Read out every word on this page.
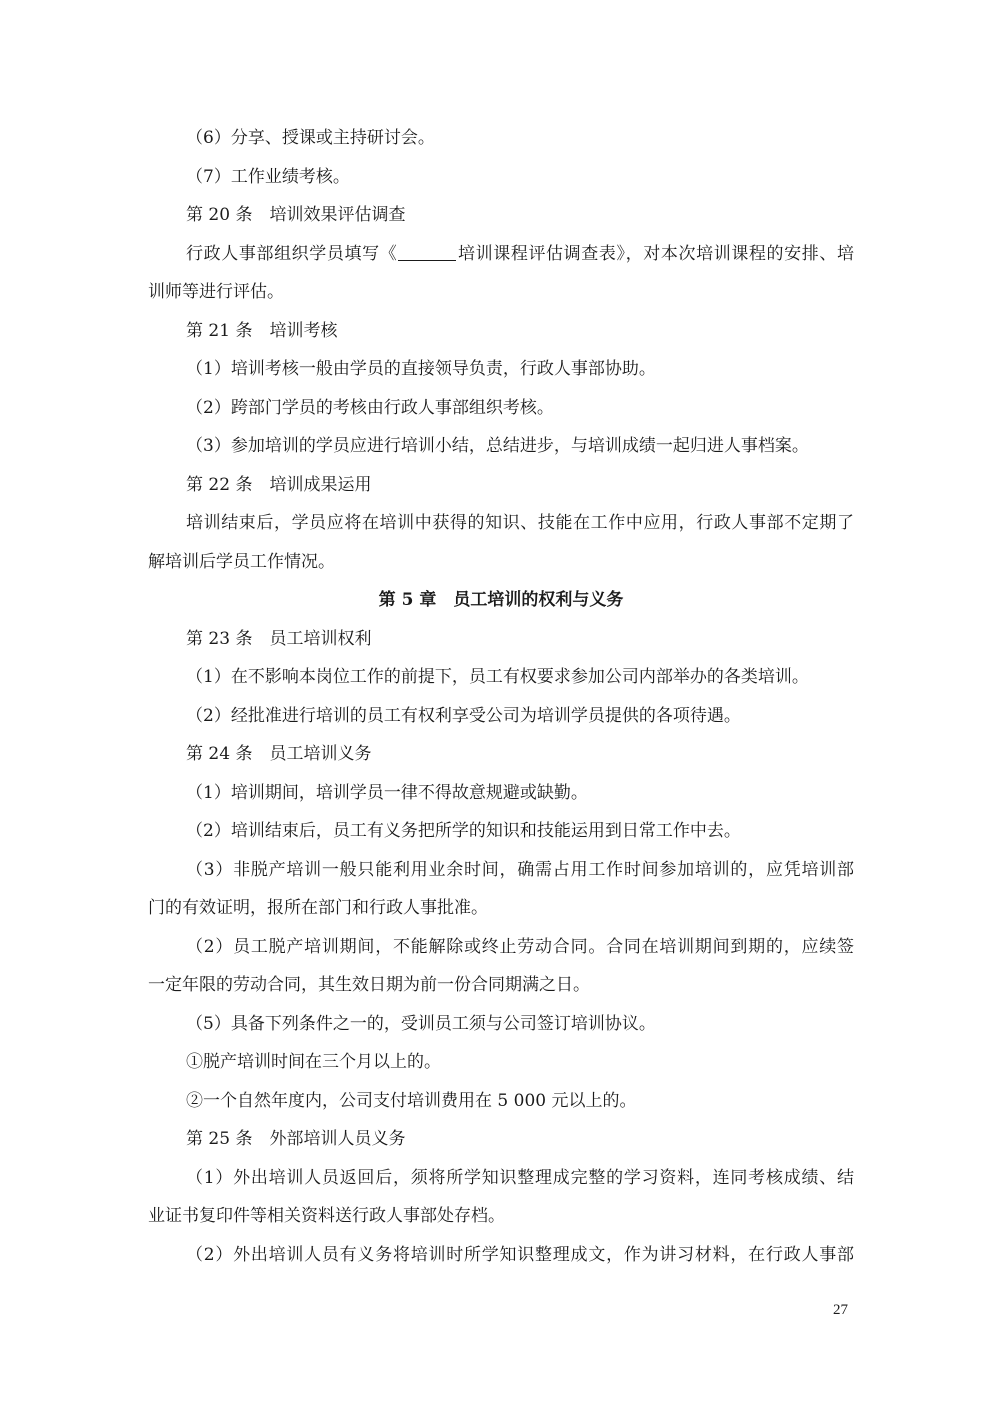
（6）分享、授课或主持研讨会。
（7）工作业绩考核。
第 20 条　培训效果评估调查
行政人事部组织学员填写《	培训课程评估调查表》，对本次培训课程的安排、培
训师等进行评估。
第 21 条　培训考核
（1）培训考核一般由学员的直接领导负责，行政人事部协助。
（2）跨部门学员的考核由行政人事部组织考核。
（3）参加培训的学员应进行培训小结，总结进步，与培训成绩一起归进人事档案。
第 22 条　培训成果运用
培训结束后，学员应将在培训中获得的知识、技能在工作中应用，行政人事部不定期了
解培训后学员工作情况。
第 5 章　员工培训的权利与义务
第 23 条　员工培训权利
（1）在不影响本岗位工作的前提下，员工有权要求参加公司内部举办的各类培训。
（2）经批准进行培训的员工有权利享受公司为培训学员提供的各项待遇。
第 24 条　员工培训义务
（1）培训期间，培训学员一律不得故意规避或缺勤。
（2）培训结束后，员工有义务把所学的知识和技能运用到日常工作中去。
（3）非脱产培训一般只能利用业余时间，确需占用工作时间参加培训的，应凭培训部
门的有效证明，报所在部门和行政人事批准。
（2）员工脱产培训期间，不能解除或终止劳动合同。合同在培训期间到期的，应续签
一定年限的劳动合同，其生效日期为前一份合同期满之日。
（5）具备下列条件之一的，受训员工须与公司签订培训协议。
①脱产培训时间在三个月以上的。
②一个自然年度内，公司支付培训费用在 5 000 元以上的。
第 25 条　外部培训人员义务
（1）外出培训人员返回后，须将所学知识整理成完整的学习资料，连同考核成绩、结
业证书复印件等相关资料送行政人事部处存档。
（2）外出培训人员有义务将培训时所学知识整理成文，作为讲习材料，在行政人事部
27
